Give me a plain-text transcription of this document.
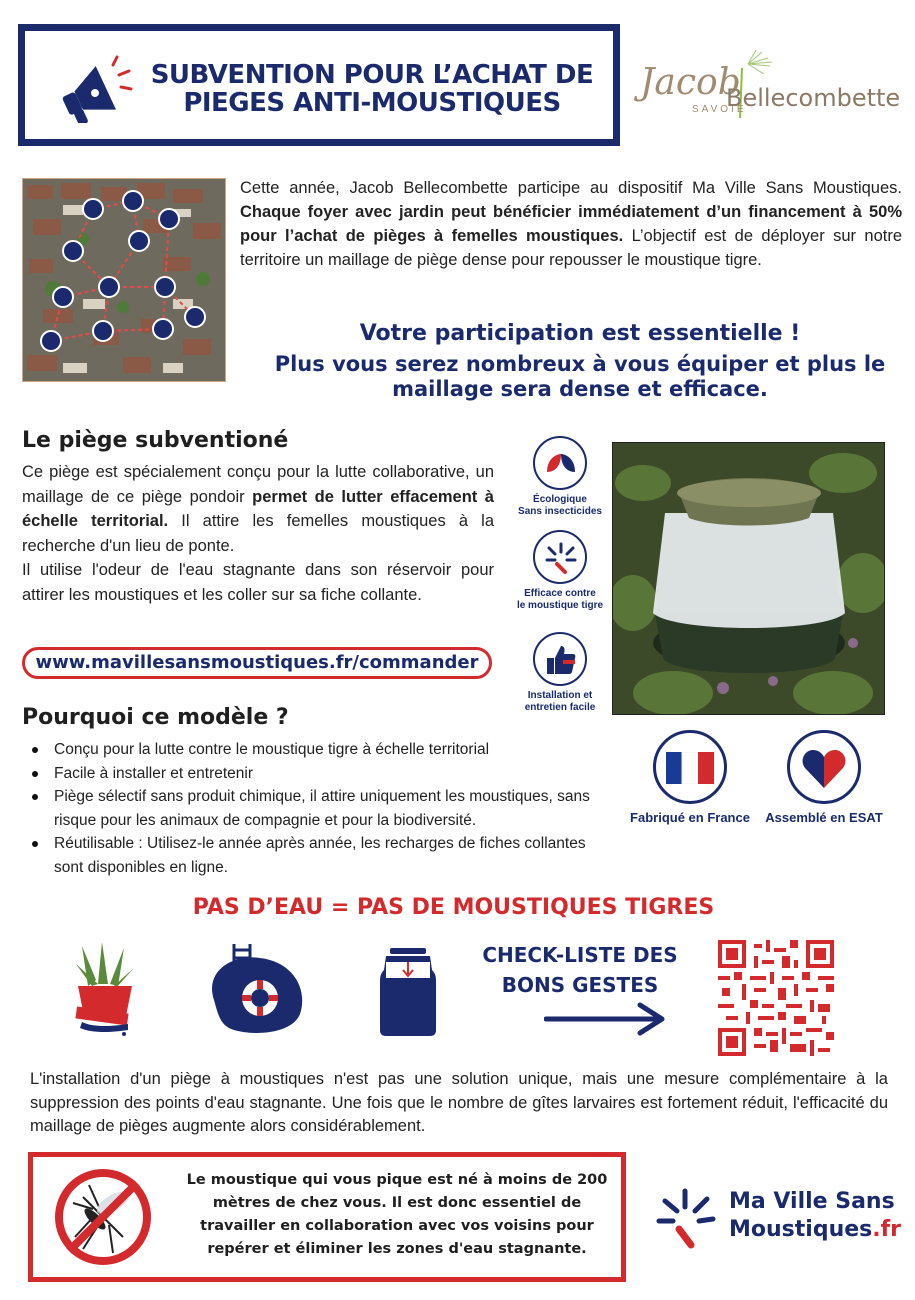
SUBVENTION POUR L’ACHAT DE
PIEGES ANTI-MOUSTIQUES	Jacob
SAVOIE
Bellecombette
Cette année, Jacob Bellecombette participe au dispositif Ma Ville Sans Moustiques. Chaque foyer avec jardin peut bénéficier immédiatement d’un financement à 50% pour l’achat de pièges à femelles moustiques. L’objectif est de déployer sur notre territoire un maillage de piège dense pour repousser le moustique tigre.
Votre participation est essentielle !
Plus vous serez nombreux à vous équiper et plus le maillage sera dense et efficace.
Le piège subventioné
Ce piège est spécialement conçu pour la lutte collaborative, un maillage de ce piège pondoir permet de lutter effacement à échelle territorial. Il attire les femelles moustiques à la recherche d'un lieu de ponte.
Il utilise l'odeur de l'eau stagnante dans son réservoir pour attirer les moustiques et les coller sur sa fiche collante.
www.mavillesansmoustiques.fr/commander
Écologique
Sans insecticides
Efficace contre
le moustique tigre
Installation et
entretien facile
Pourquoi ce modèle ?
Conçu pour la lutte contre le moustique tigre à échelle territorial
Facile à installer et entretenir
Piège sélectif sans produit chimique, il attire uniquement les moustiques, sans risque pour les animaux de compagnie et pour la biodiversité.
Réutilisable : Utilisez-le année après année, les recharges de fiches collantes sont disponibles en ligne.
Fabriqué en France	Assemblé en ESAT
PAS D’EAU = PAS DE MOUSTIQUES TIGRES
CHECK-LISTE DES
BONS GESTES
L'installation d'un piège à moustiques n'est pas une solution unique, mais une mesure complémentaire à la suppression des points d'eau stagnante. Une fois que le nombre de gîtes larvaires est fortement réduit, l'efficacité du maillage de pièges augmente alors considérablement.
Le moustique qui vous pique est né à moins de 200 mètres de chez vous. Il est donc essentiel de travailler en collaboration avec vos voisins pour repérer et éliminer les zones d'eau stagnante.
Ma Ville Sans
Moustiques.fr
